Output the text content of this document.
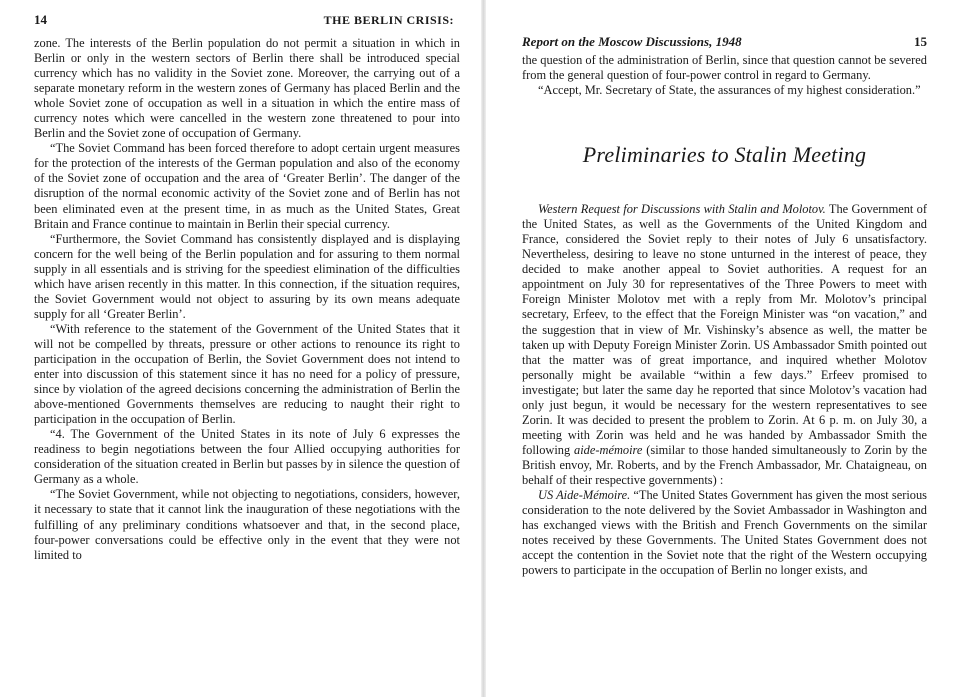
14	THE BERLIN CRISIS:

zone. The interests of the Berlin population do not permit a situation in which in Berlin or only in the western sectors of Berlin there shall be introduced special currency which has no validity in the Soviet zone. Moreover, the carrying out of a separate monetary reform in the western zones of Germany has placed Berlin and the whole Soviet zone of occupation as well in a situation in which the entire mass of currency notes which were cancelled in the western zone threatened to pour into Berlin and the Soviet zone of occupation of Germany.

“The Soviet Command has been forced therefore to adopt certain urgent measures for the protection of the interests of the German population and also of the economy of the Soviet zone of occupation and the area of ‘Greater Berlin’. The danger of the disruption of the normal economic activity of the Soviet zone and of Berlin has not been eliminated even at the present time, in as much as the United States, Great Britain and France continue to maintain in Berlin their special currency.

“Furthermore, the Soviet Command has consistently displayed and is displaying concern for the well being of the Berlin population and for assuring to them normal supply in all essentials and is striving for the speediest elimination of the difficulties which have arisen recently in this matter. In this connection, if the situation requires, the Soviet Government would not object to assuring by its own means adequate supply for all ‘Greater Berlin’.

“With reference to the statement of the Government of the United States that it will not be compelled by threats, pressure or other actions to renounce its right to participation in the occupation of Berlin, the Soviet Government does not intend to enter into discussion of this statement since it has no need for a policy of pressure, since by violation of the agreed decisions concerning the administration of Berlin the above-mentioned Governments themselves are reducing to naught their right to participation in the occupation of Berlin.

“4. The Government of the United States in its note of July 6 expresses the readiness to begin negotiations between the four Allied occupying authorities for consideration of the situation created in Berlin but passes by in silence the question of Germany as a whole.

“The Soviet Government, while not objecting to negotiations, considers, however, it necessary to state that it cannot link the inauguration of these negotiations with the fulfilling of any preliminary conditions whatsoever and that, in the second place, four-power conversations could be effective only in the event that they were not limited to

Report on the Moscow Discussions, 1948	15

the question of the administration of Berlin, since that question cannot be severed from the general question of four-power control in regard to Germany.

“Accept, Mr. Secretary of State, the assurances of my highest consideration.”

Preliminaries to Stalin Meeting

Western Request for Discussions with Stalin and Molotov. The Government of the United States, as well as the Governments of the United Kingdom and France, considered the Soviet reply to their notes of July 6 unsatisfactory. Nevertheless, desiring to leave no stone unturned in the interest of peace, they decided to make another appeal to Soviet authorities. A request for an appointment on July 30 for representatives of the Three Powers to meet with Foreign Minister Molotov met with a reply from Mr. Molotov’s principal secretary, Erfeev, to the effect that the Foreign Minister was “on vacation,” and the suggestion that in view of Mr. Vishinsky’s absence as well, the matter be taken up with Deputy Foreign Minister Zorin. US Ambassador Smith pointed out that the matter was of great importance, and inquired whether Molotov personally might be available “within a few days.” Erfeev promised to investigate; but later the same day he reported that since Molotov’s vacation had only just begun, it would be necessary for the western representatives to see Zorin. It was decided to present the problem to Zorin. At 6 p. m. on July 30, a meeting with Zorin was held and he was handed by Ambassador Smith the following aide-mémoire (similar to those handed simultaneously to Zorin by the British envoy, Mr. Roberts, and by the French Ambassador, Mr. Chataigneau, on behalf of their respective governments) :

US Aide-Mémoire. “The United States Government has given the most serious consideration to the note delivered by the Soviet Ambassador in Washington and has exchanged views with the British and French Governments on the similar notes received by these Governments. The United States Government does not accept the contention in the Soviet note that the right of the Western occupying powers to participate in the occupation of Berlin no longer exists, and
